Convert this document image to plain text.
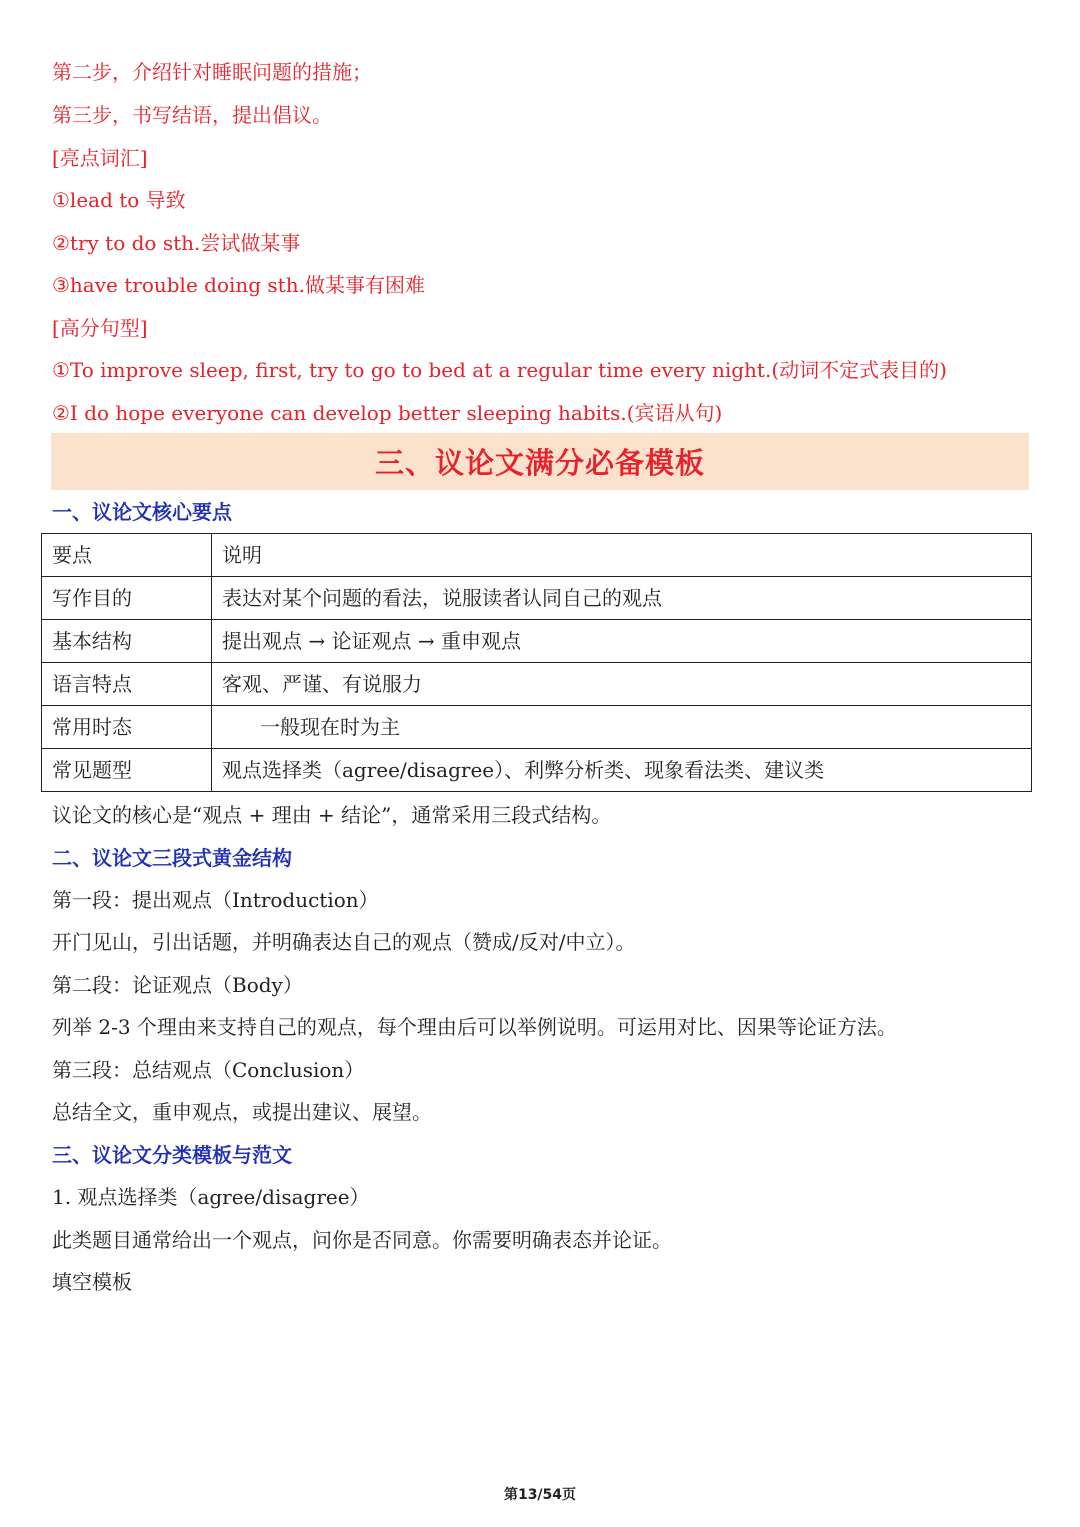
第二步，介绍针对睡眠问题的措施；
第三步，书写结语，提出倡议。
[亮点词汇]
①lead to 导致
②try to do sth.尝试做某事
③have trouble doing sth.做某事有困难
[高分句型]
①To improve sleep, first, try to go to bed at a regular time every night.(动词不定式表目的)
②I do hope everyone can develop better sleeping habits.(宾语从句)
三、议论文满分必备模板
一、议论文核心要点
要点	说明
写作目的	表达对某个问题的看法，说服读者认同自己的观点
基本结构	提出观点 → 论证观点 → 重申观点
语言特点	客观、严谨、有说服力
常用时态	一般现在时为主
常见题型	观点选择类（agree/disagree）、利弊分析类、现象看法类、建议类
议论文的核心是“观点 + 理由 + 结论”，通常采用三段式结构。
二、议论文三段式黄金结构
第一段：提出观点（Introduction）
开门见山，引出话题，并明确表达自己的观点（赞成/反对/中立）。
第二段：论证观点（Body）
列举 2-3 个理由来支持自己的观点，每个理由后可以举例说明。可运用对比、因果等论证方法。
第三段：总结观点（Conclusion）
总结全文，重申观点，或提出建议、展望。
三、议论文分类模板与范文
1. 观点选择类（agree/disagree）
此类题目通常给出一个观点，问你是否同意。你需要明确表态并论证。
填空模板
第13/54页
